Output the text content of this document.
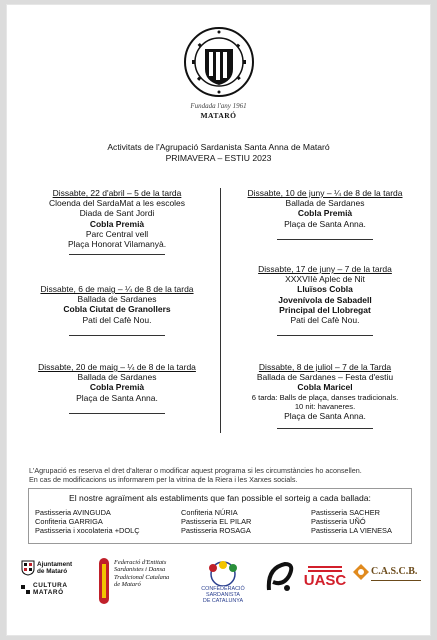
Fundada l'any 1961
MATARÓ
Activitats de l'Agrupació Sardanista Santa Anna de Mataró
PRIMAVERA – ESTIU 2023
Dissabte, 22 d'abril – 5 de la tarda
Cloenda del SardaMat a les escoles
Diada de Sant Jordi
Cobla Premià
Parc Central vell
Plaça Honorat Vilamanyà.
Dissabte, 6 de maig – ¼ de 8 de la tarda
Ballada de Sardanes
Cobla Ciutat de Granollers
Pati del Cafè Nou.
Dissabte, 20 de maig – ¼ de 8 de la tarda
Ballada de Sardanes
Cobla Premià
Plaça de Santa Anna.
Dissabte, 10 de juny – ¼ de 8 de la tarda
Ballada de Sardanes
Cobla Premià
Plaça de Santa Anna.
Dissabte, 17 de juny – 7 de la tarda
XXXVIIè Aplec de Nit
Lluïsos Cobla
Jovenívola de Sabadell
Principal del Llobregat
Pati del Cafè Nou.
Dissabte, 8 de juliol – 7 de la Tarda
Ballada de Sardanes – Festa d'estiu
Cobla Maricel
6 tarda: Balls de plaça, danses tradicionals.
10 nit: havaneres.
Plaça de Santa Anna.
L'Agrupació es reserva el dret d'alterar o modificar aquest programa si les circumstàncies ho aconsellen.
En cas de modificacions us informarem per la vitrina de la Riera i les Xarxes socials.
El nostre agraïment als establiments que fan possible el sorteig a cada ballada:
Pastisseria AVINGUDA	Confiteria NÚRIA	Pastisseria SACHER
Confiteria GARRIGA	Pastisseria EL PILAR	Pastisseria UÑÓ
Pastisseria i xocolateria +DOLÇ	Pastisseria ROSAGA	Pastisseria LA VIENESA
Ajuntament
de Mataró
CULTURA MATARÓ
Federació d'Entitats
Sardanistes i Dansa
Tradicional Catalana
de Mataró
CONFEDERACIÓ
SARDANISTA
DE CATALUNYA
UASC
C.A.S.C.B.
